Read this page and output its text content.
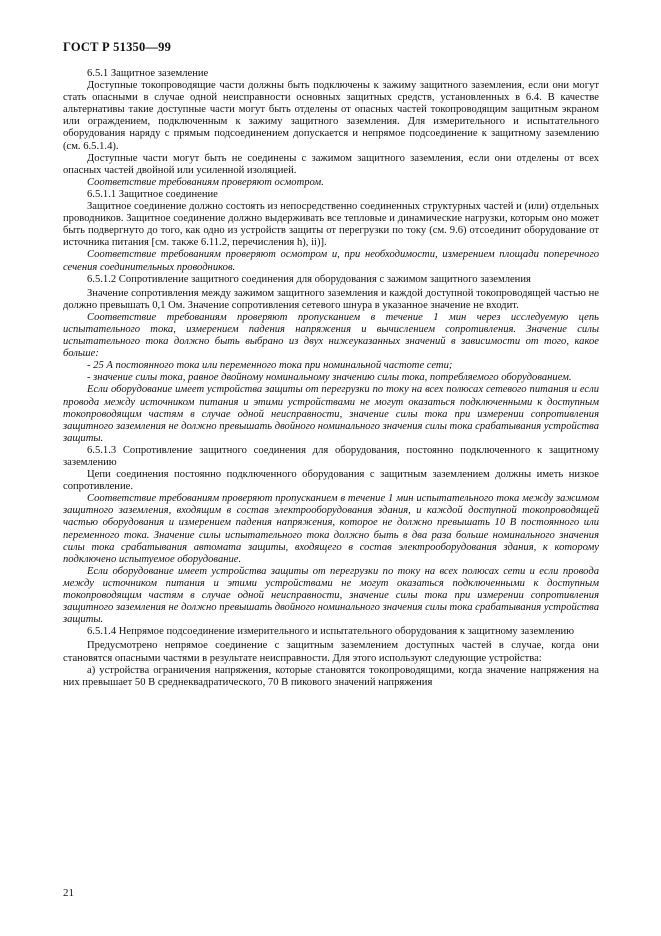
ГОСТ Р 51350—99

6.5.1 Защитное заземление

Доступные токопроводящие части должны быть подключены к зажиму защитного заземления, если они могут стать опасными в случае одной неисправности основных защитных средств, установленных в 6.4. В качестве альтернативы такие доступные части могут быть отделены от опасных частей токопроводящим защитным экраном или ограждением, подключенным к зажиму защитного заземления. Для измерительного и испытательного оборудования наряду с прямым подсоединением допускается и непрямое подсоединение к защитному заземлению (см. 6.5.1.4).

Доступные части могут быть не соединены с зажимом защитного заземления, если они отделены от всех опасных частей двойной или усиленной изоляцией.

Соответствие требованиям проверяют осмотром.

6.5.1.1 Защитное соединение

Защитное соединение должно состоять из непосредственно соединенных структурных частей и (или) отдельных проводников. Защитное соединение должно выдерживать все тепловые и динамические нагрузки, которым оно может быть подвергнуто до того, как одно из устройств защиты от перегрузки по току (см. 9.6) отсоединит оборудование от источника питания [см. также 6.11.2, перечисления h), ii)].

Соответствие требованиям проверяют осмотром и, при необходимости, измерением площади поперечного сечения соединительных проводников.

6.5.1.2 Сопротивление защитного соединения для оборудования с зажимом защитного заземления

Значение сопротивления между зажимом защитного заземления и каждой доступной токопроводящей частью не должно превышать 0,1 Ом. Значение сопротивления сетевого шнура в указанное значение не входит.

Соответствие требованиям проверяют пропусканием в течение 1 мин через исследуемую цепь испытательного тока, измерением падения напряжения и вычислением сопротивления. Значение силы испытательного тока должно быть выбрано из двух нижеуказанных значений в зависимости от того, какое больше:

- 25 А постоянного тока или переменного тока при номинальной частоте сети;

- значение силы тока, равное двойному номинальному значению силы тока, потребляемого оборудованием.

Если оборудование имеет устройства защиты от перегрузки по току на всех полюсах сетевого питания и если провода между источником питания и этими устройствами не могут оказаться подключенными к доступным токопроводящим частям в случае одной неисправности, значение силы тока при измерении сопротивления защитного заземления не должно превышать двойного номинального значения силы тока срабатывания устройства защиты.

6.5.1.3 Сопротивление защитного соединения для оборудования, постоянно подключенного к защитному заземлению

Цепи соединения постоянно подключенного оборудования с защитным заземлением должны иметь низкое сопротивление.

Соответствие требованиям проверяют пропусканием в течение 1 мин испытательного тока между зажимом защитного заземления, входящим в состав электрооборудования здания, и каждой доступной токопроводящей частью оборудования и измерением падения напряжения, которое не должно превышать 10 В постоянного или переменного тока. Значение силы испытательного тока должно быть в два раза больше номинального значения силы тока срабатывания автомата защиты, входящего в состав электрооборудования здания, к которому подключено испытуемое оборудование.

Если оборудование имеет устройства защиты от перегрузки по току на всех полюсах сети и если провода между источником питания и этими устройствами не могут оказаться подключенными к доступным токопроводящим частям в случае одной неисправности, значение силы тока при измерении сопротивления защитного заземления не должно превышать двойного номинального значения силы тока срабатывания устройства защиты.

6.5.1.4 Непрямое подсоединение измерительного и испытательного оборудования к защитному заземлению

Предусмотрено непрямое соединение с защитным заземлением доступных частей в случае, когда они становятся опасными частями в результате неисправности. Для этого используют следующие устройства:

а) устройства ограничения напряжения, которые становятся токопроводящими, когда значение напряжения на них превышает 50 В среднеквадратического, 70 В пикового значений напряжения

21
